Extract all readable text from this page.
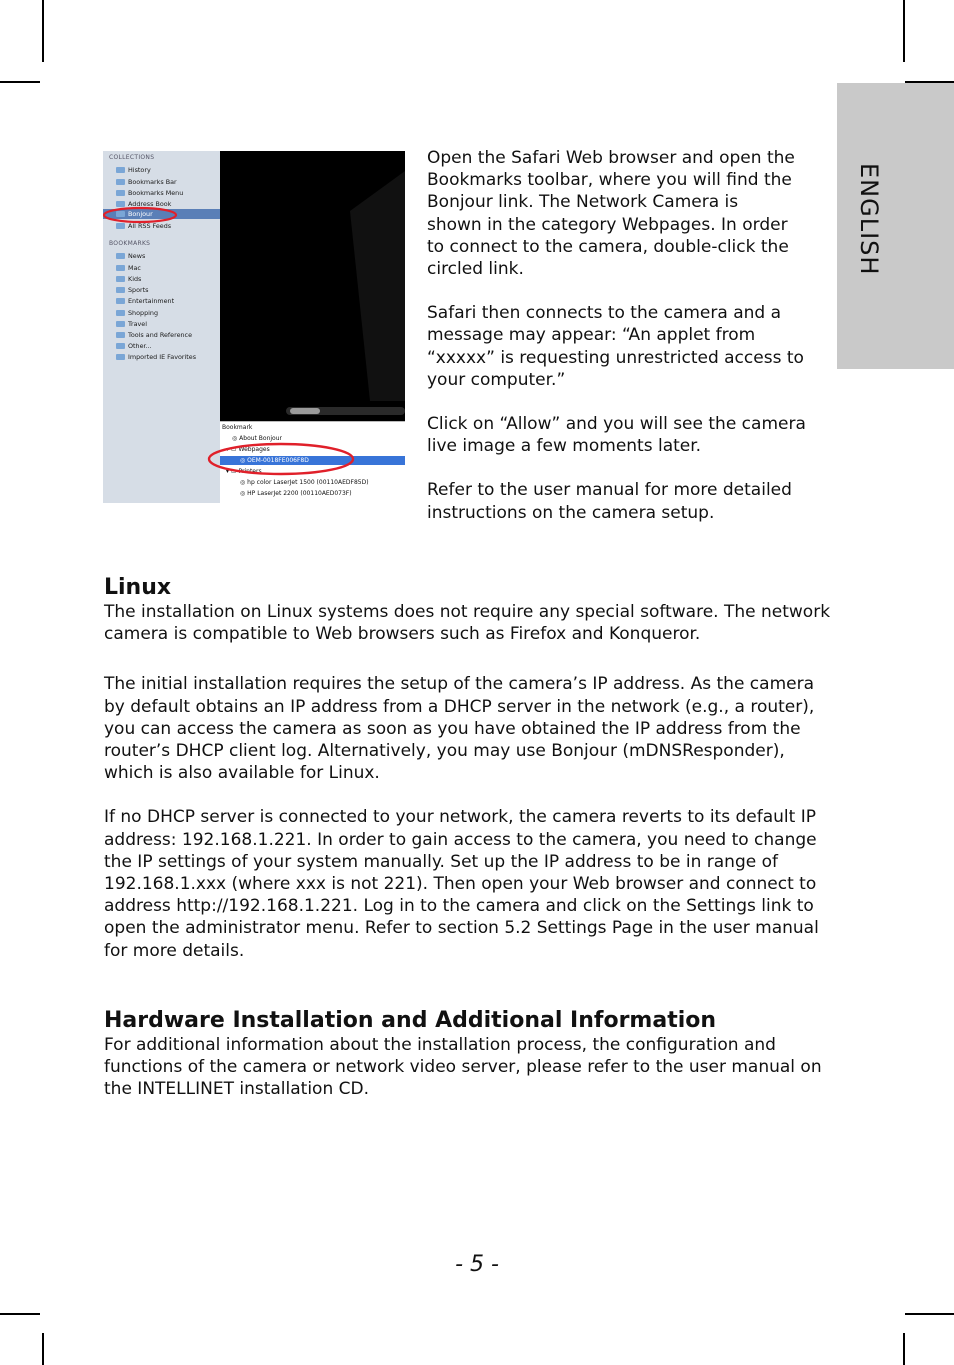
ENGLISH
COLLECTIONS
History
Bookmarks Bar
Bookmarks Menu
Address Book
Bonjour
All RSS Feeds
BOOKMARKS
News
Mac
Kids
Sports
Entertainment
Shopping
Travel
Tools and Reference
Other...
Imported IE Favorites
Bookmark
◎ About Bonjour
▾ ▭ Webpages
◎ OEM-0018FE006F8D
▾ ▭ Printers
◎ hp color LaserJet 1500 (00110AEDF85D)
◎ HP LaserJet 2200 (00110AED073F)

Open the Safari Web browser and open the Bookmarks toolbar, where you will find the Bonjour link. The Network Camera is shown in the category Webpages. In order to connect to the camera, double-click the circled link.

Safari then connects to the camera and a message may appear: “An applet from “xxxxx” is requesting unrestricted access to your computer.”

Click on “Allow” and you will see the camera live image a few moments later.

Refer to the user manual for more detailed instructions on the camera setup.

Linux

The installation on Linux systems does not require any special software. The network camera is compatible to Web browsers such as Firefox and Konqueror.

The initial installation requires the setup of the camera’s IP address. As the camera by default obtains an IP address from a DHCP server in the network (e.g., a router), you can access the camera as soon as you have obtained the IP address from the router’s DHCP client log. Alternatively, you may use Bonjour (mDNSResponder), which is also available for Linux.

If no DHCP server is connected to your network, the camera reverts to its default IP address: 192.168.1.221. In order to gain access to the camera, you need to change the IP settings of your system manually. Set up the IP address to be in range of 192.168.1.xxx (where xxx is not 221). Then open your Web browser and connect to address http://192.168.1.221. Log in to the camera and click on the Settings link to open the administrator menu. Refer to section 5.2 Settings Page in the user manual for more details.

Hardware Installation and Additional Information

For additional information about the installation process, the configuration and functions of the camera or network video server, please refer to the user manual on the INTELLINET installation CD.

- 5 -
